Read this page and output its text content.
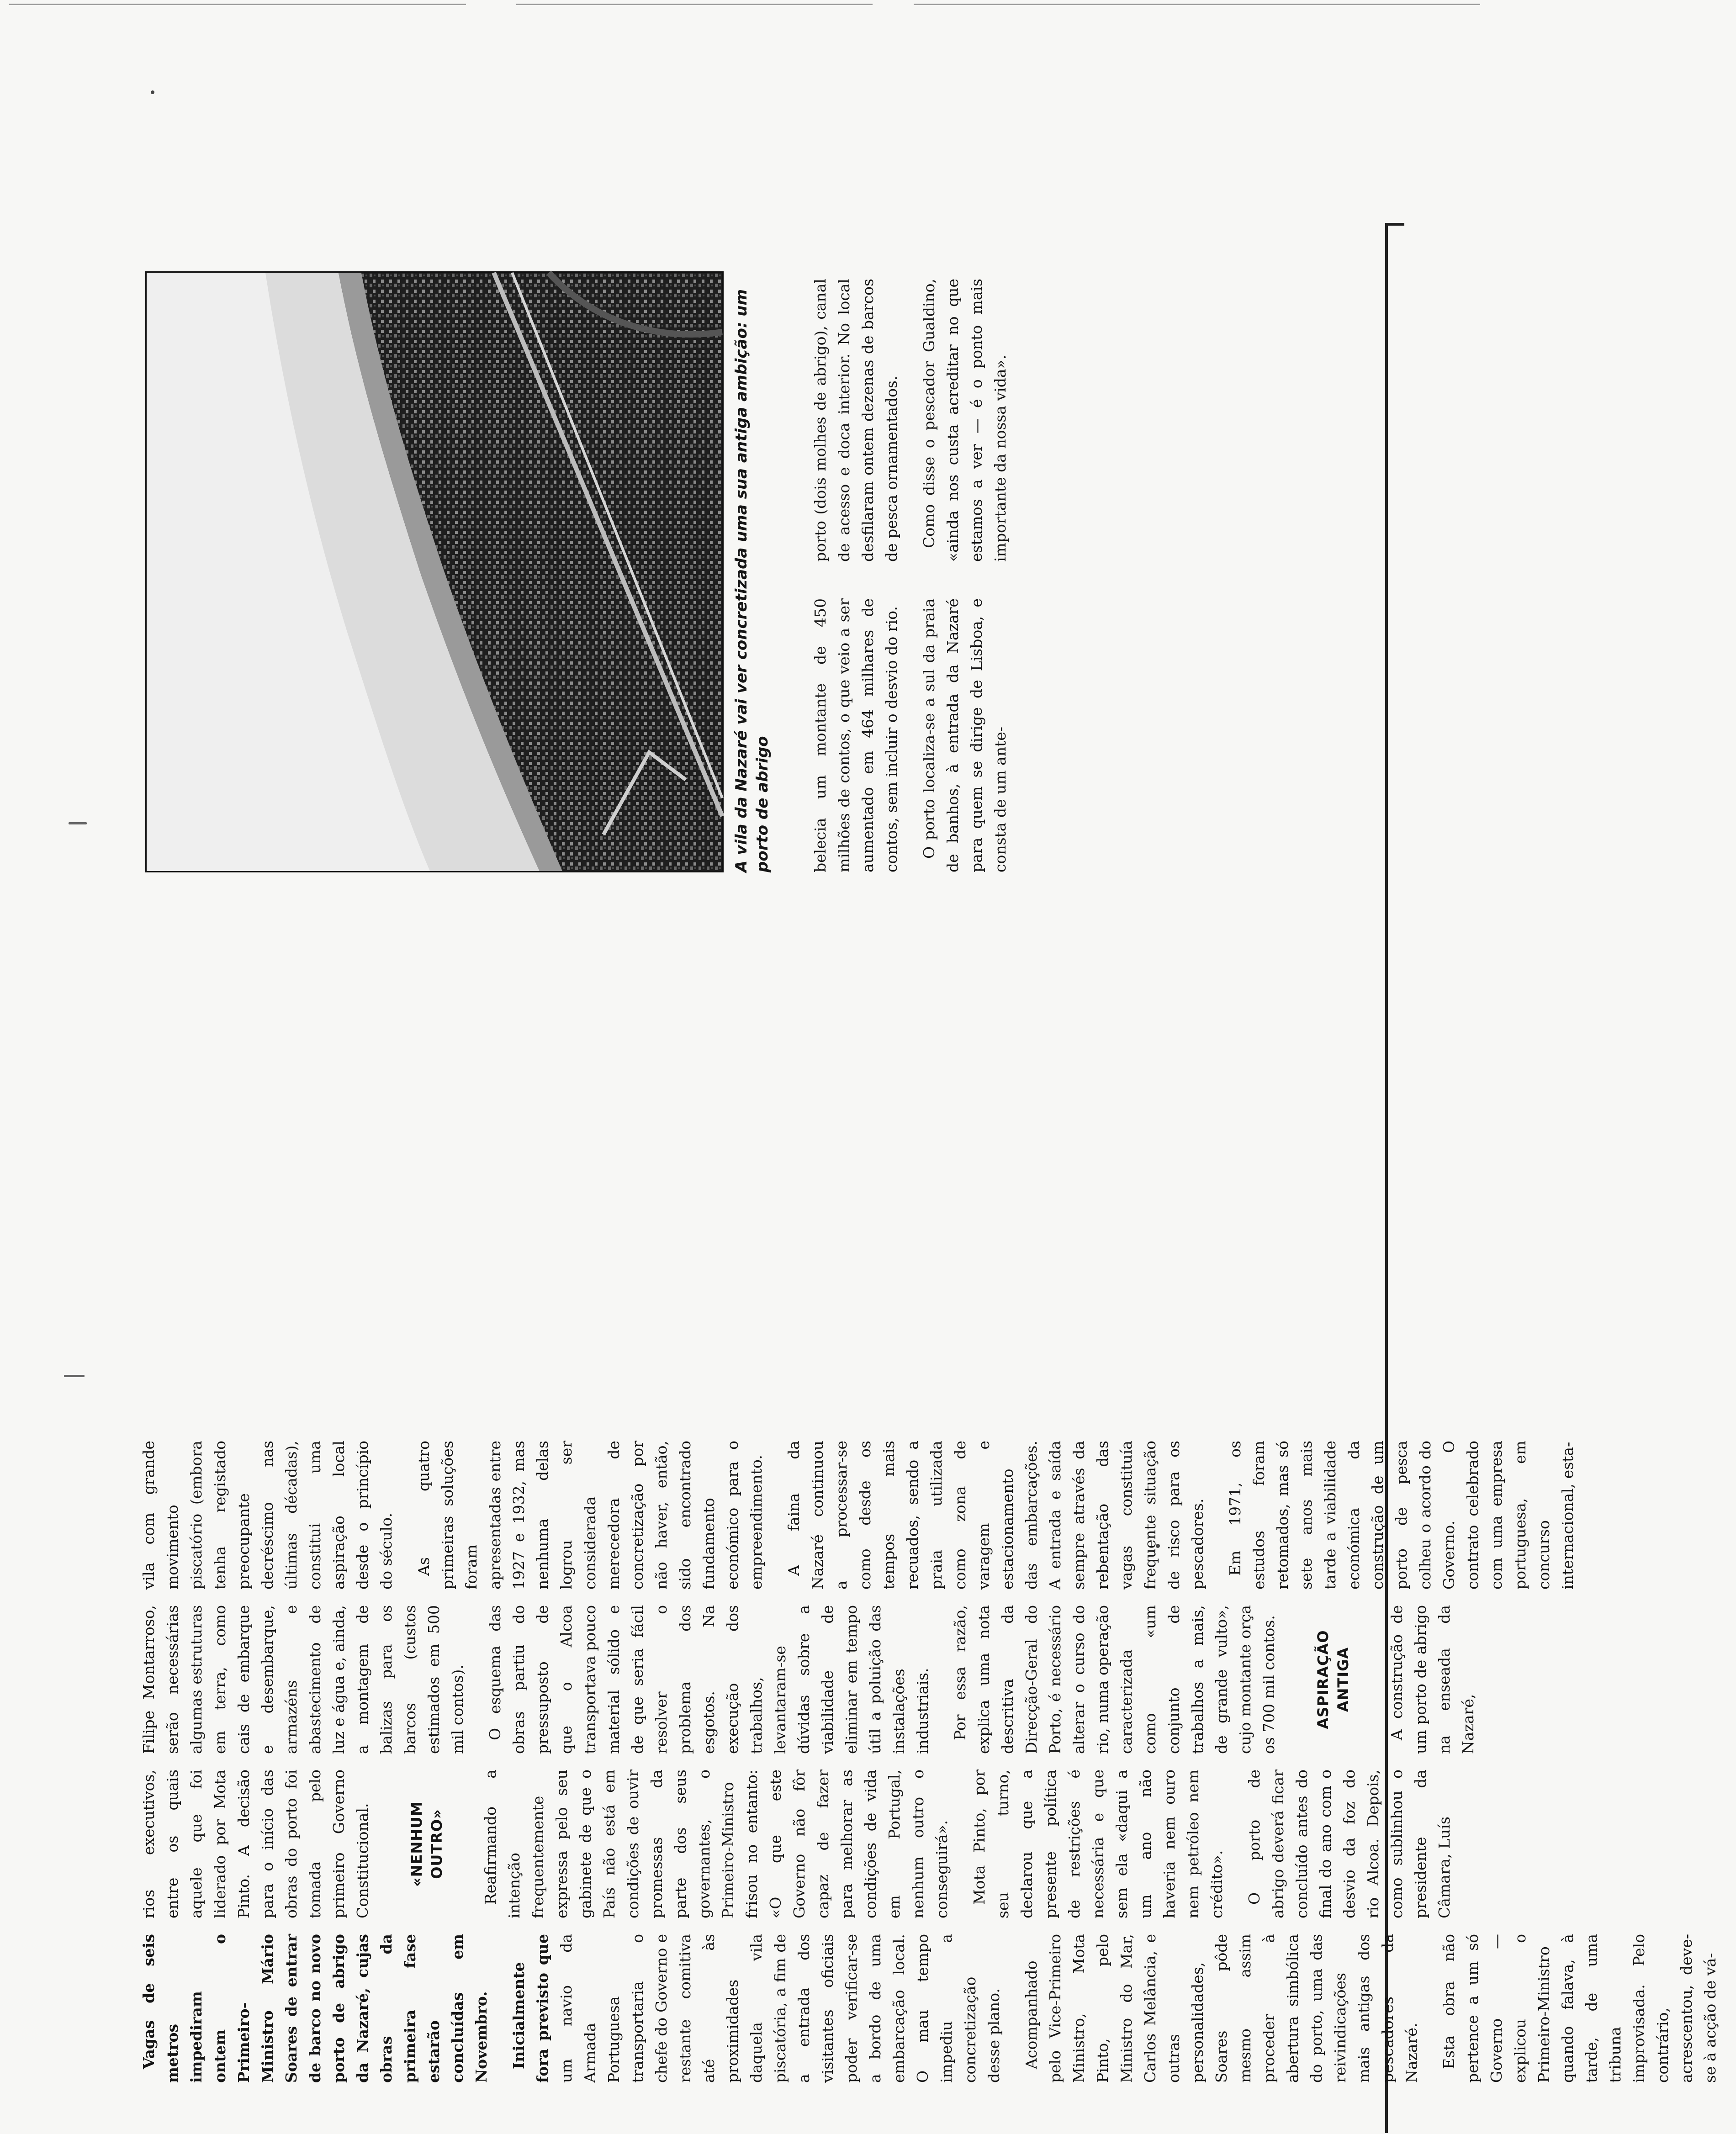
Vagas de seis metros impediram ontem o Primeiro-Ministro Mário Soares de entrar de barco no novo porto de abrigo da Nazaré, cujas obras da primeira fase estarão concluídas em Novembro. Inicialmente fora previsto que um navio da Armada Portuguesa transportaria o chefe do Governo e restante comitiva até às proximidades daquela vila piscatória, a fim de a entrada dos visitantes oficiais poder verificar-se a bordo de uma embarcação local. O mau tempo impediu a concretização desse plano. Acompanhado pelo Vice-Primeiro Ministro, Mota Pinto, pelo Ministro do Mar, Carlos Melância, e outras personalidades, Soares pôde mesmo assim proceder à abertura simbólica do porto, uma das reivindicações mais antigas dos pescadores da Nazaré. Esta obra não pertence a um só Governo — explicou o Primeiro-Ministro quando falava, à tarde, de uma tribuna improvisada. Pelo contrário, acrescentou, deve-se à acção de vá-

rios executivos, entre os quais aquele que foi liderado por Mota Pinto. A decisão para o início das obras do porto foi tomada pelo primeiro Governo Constitucional.	«NENHUM OUTRO» Reafirmando a intenção frequentemente expressa pelo seu gabinete de que o País não está em condições de ouvir promessas da parte dos seus governantes, o Primeiro-Ministro frisou no entanto: «O que este Governo não fôr capaz de fazer para melhorar as condições de vida em Portugal, nenhum outro o conseguirá». Mota Pinto, por seu turno, declarou que a presente política de restrições é necessária e que sem ela «daqui a um ano não haveria nem ouro nem petróleo nem crédito». O porto de abrigo deverá ficar concluído antes do final do ano com o desvio da foz do rio Alcoa. Depois, como sublinhou o presidente da Câmara, Luís

Filipe Montarroso, serão necessárias algumas estruturas em terra, como cais de embarque e desembarque, armazéns e abastecimento de luz e água e, ainda, a montagem de balizas para os barcos (custos estimados em 500 mil contos). O esquema das obras partiu do pressuposto de que o Alcoa transportava pouco material sólido e de que seria fácil resolver o problema dos esgotos. Na execução dos trabalhos, levantaram-se dúvidas sobre a viabilidade de eliminar em tempo útil a poluição das instalações industriais. Por essa razão, explica uma nota descritiva da Direcção-Geral do Porto, é necessário alterar o curso do rio, numa operação caracterizada como «um conjunto de trabalhos a mais, de grande vulto», cujo montante orça os 700 mil contos.	ASPIRAÇÃO ANTIGA A construção de um porto de abrigo na enseada da Nazaré,

vila com grande movimento piscatório (embora tenha registado preocupante decréscimo nas últimas décadas), constitui uma aspiração local desde o princípio do século. As quatro primeiras soluções foram apresentadas entre 1927 e 1932, mas nenhuma delas logrou ser considerada merecedora de concretização por não haver, então, sido encontrado fundamento económico para o empreendimento. A faina da Nazaré continuou a processar-se como desde os tempos mais recuados, sendo a praia utilizada como zona de varagem e estacionamento das embarcações. A entrada e saída sempre através da rebentação das vagas constituía frequente situação de risco para os pescadores. Em 1971, os estudos foram retomados, mas só sete anos mais tarde a viabilidade económica da construção de um porto de pesca colheu o acordo do Governo. O contrato celebrado com uma empresa portuguesa, em concurso internacional, esta-

A vila da Nazaré vai ver concretizada uma sua antiga ambição: um porto de abrigo	belecia um montante de 450 milhões de contos, o que veio a ser aumentado em 464 milhares de contos, sem incluir o desvio do rio. O porto localiza-se a sul da praia de banhos, à entrada da Nazaré para quem se dirige de Lisboa, e consta de um ante-

porto (dois molhes de abrigo), canal de acesso e doca interior. No local desfilaram ontem dezenas de barcos de pesca ornamentados. Como disse o pescador Gualdino, «ainda nos custa acreditar no que estamos a ver — é o ponto mais importante da nossa vida».
